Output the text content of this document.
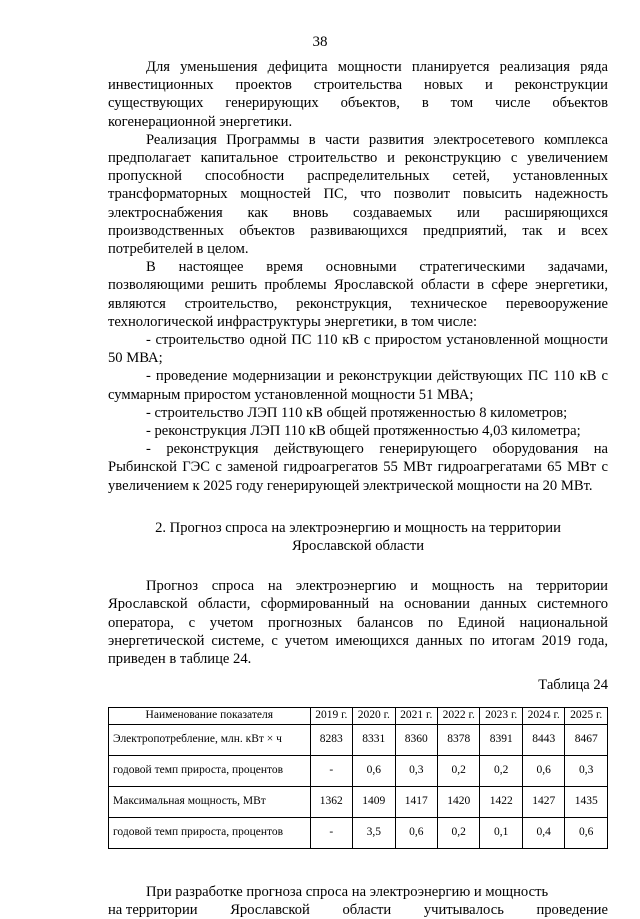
38

Для уменьшения дефицита мощности планируется реализация ряда инвестиционных проектов строительства новых и реконструкции существующих генерирующих объектов, в том числе объектов когенерационной энергетики.

Реализация Программы в части развития электросетевого комплекса предполагает капитальное строительство и реконструкцию с увеличением пропускной способности распределительных сетей, установленных трансформаторных мощностей ПС, что позволит повысить надежность электроснабжения как вновь создаваемых или расширяющихся производственных объектов развивающихся предприятий, так и всех потребителей в целом.

В настоящее время основными стратегическими задачами, позволяющими решить проблемы Ярославской области в сфере энергетики, являются строительство, реконструкция, техническое перевооружение технологической инфраструктуры энергетики, в том числе:

- строительство одной ПС 110 кВ с приростом установленной мощности 50 МВА;

- проведение модернизации и реконструкции действующих ПС 110 кВ с суммарным приростом установленной мощности 51 МВА;

- строительство ЛЭП 110 кВ общей протяженностью 8 километров;

- реконструкция ЛЭП 110 кВ общей протяженностью 4,03 километра;

- реконструкция действующего генерирующего оборудования на Рыбинской ГЭС с заменой гидроагрегатов 55 МВт гидроагрегатами 65 МВт с увеличением к 2025 году генерирующей электрической мощности на 20 МВт.

2. Прогноз спроса на электроэнергию и мощность на территории
Ярославской области

Прогноз спроса на электроэнергию и мощность на территории Ярославской области, сформированный на основании данных системного оператора, с учетом прогнозных балансов по Единой национальной энергетической системе, с учетом имеющихся данных по итогам 2019 года, приведен в таблице 24.

Таблица 24
Наименование показателя	2019 г.	2020 г.	2021 г.	2022 г.	2023 г.	2024 г.	2025 г.
Электропотребление, млн. кВт × ч	8283	8331	8360	8378	8391	8443	8467
годовой темп прироста, процентов	-	0,6	0,3	0,2	0,2	0,6	0,3
Максимальная мощность, МВт	1362	1409	1417	1420	1422	1427	1435
годовой темп прироста, процентов	-	3,5	0,6	0,2	0,1	0,4	0,6

При разработке прогноза спроса на электроэнергию и мощность

на территории Ярославской области учитывалось проведение
